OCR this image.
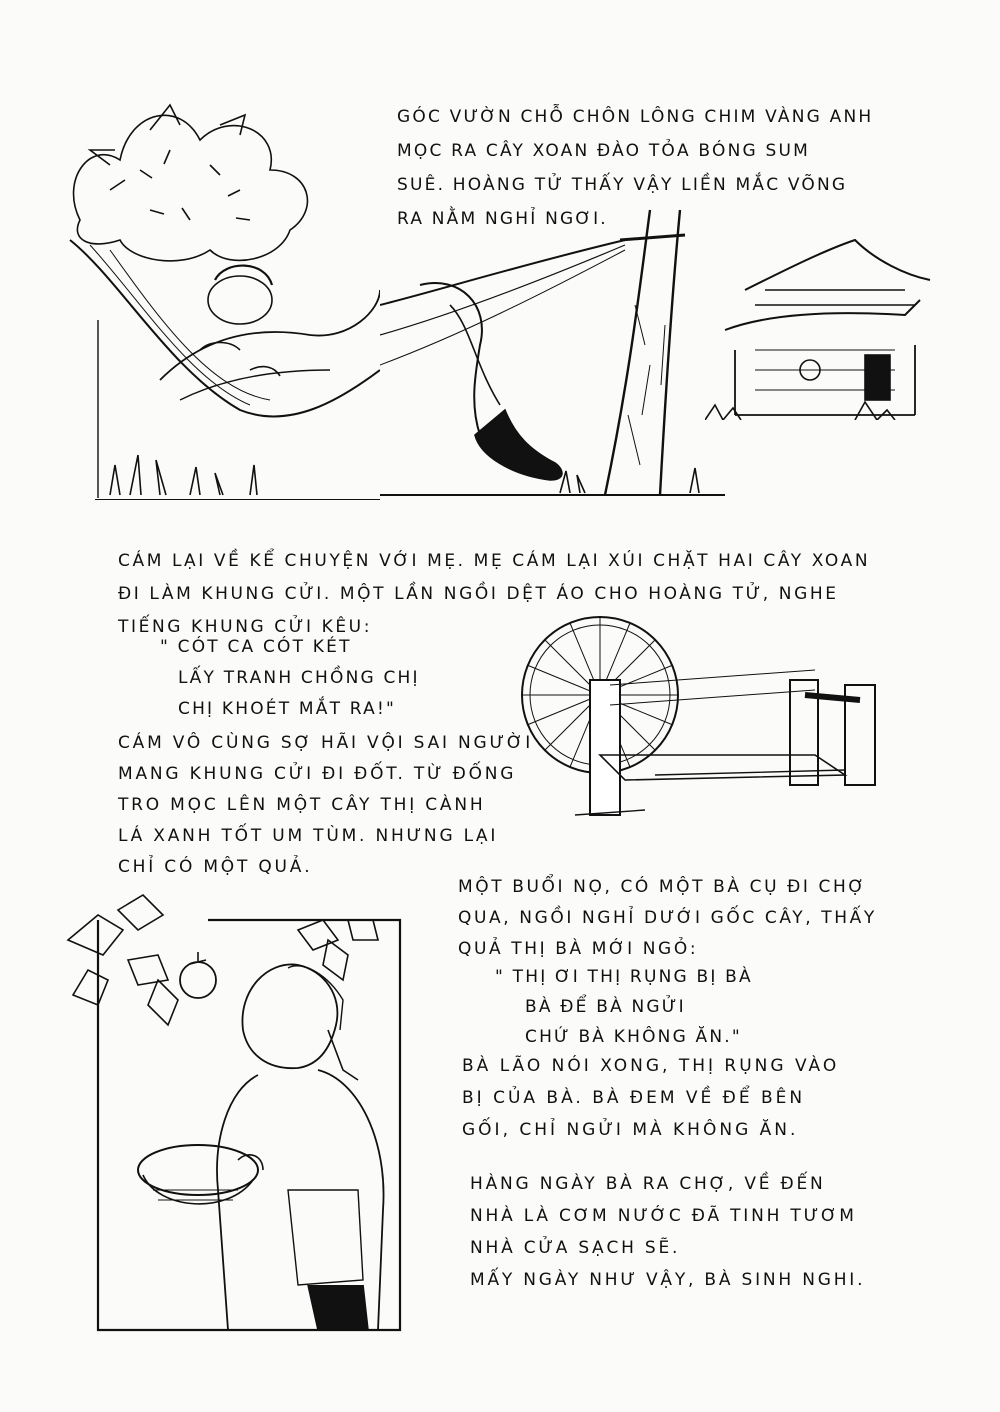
GÓC VƯỜN CHỖ CHÔN LÔNG CHIM VÀNG ANH
MỌC RA CÂY XOAN ĐÀO TỎA BÓNG SUM
SUÊ. HOÀNG TỬ THẤY VẬY LIỀN MẮC VÕNG
RA NẰM NGHỈ NGƠI.
CÁM LẠI VỀ KỂ CHUYỆN VỚI MẸ. MẸ CÁM LẠI XÚI CHẶT HAI CÂY XOAN
ĐI LÀM KHUNG CỬI. MỘT LẦN NGỒI DỆT ÁO CHO HOÀNG TỬ, NGHE
TIẾNG KHUNG CỬI KÊU:
" CÓT CA CÓT KÉT
LẤY TRANH CHỒNG CHỊ
CHỊ KHOÉT MẮT RA!"
CÁM VÔ CÙNG SỢ HÃI VỘI SAI NGƯỜI
MANG KHUNG CỬI ĐI ĐỐT. TỪ ĐỐNG
TRO MỌC LÊN MỘT CÂY THỊ CÀNH
LÁ XANH TỐT UM TÙM. NHƯNG LẠI
CHỈ CÓ MỘT QUẢ.
MỘT BUỔI NỌ, CÓ MỘT BÀ CỤ ĐI CHỢ
QUA, NGỒI NGHỈ DƯỚI GỐC CÂY, THẤY
QUẢ THỊ BÀ MỚI NGỎ:
" THỊ ƠI THỊ RỤNG BỊ BÀ
BÀ ĐỂ BÀ NGỬI
CHỨ BÀ KHÔNG ĂN."
BÀ LÃO NÓI XONG, THỊ RỤNG VÀO
BỊ CỦA BÀ. BÀ ĐEM VỀ ĐỂ BÊN
GỐI, CHỈ NGỬI MÀ KHÔNG ĂN.
HÀNG NGÀY BÀ RA CHỢ, VỀ ĐẾN
NHÀ LÀ CƠM NƯỚC ĐÃ TINH TƯƠM
NHÀ CỬA SẠCH SẼ.
MẤY NGÀY NHƯ VẬY, BÀ SINH NGHI.
